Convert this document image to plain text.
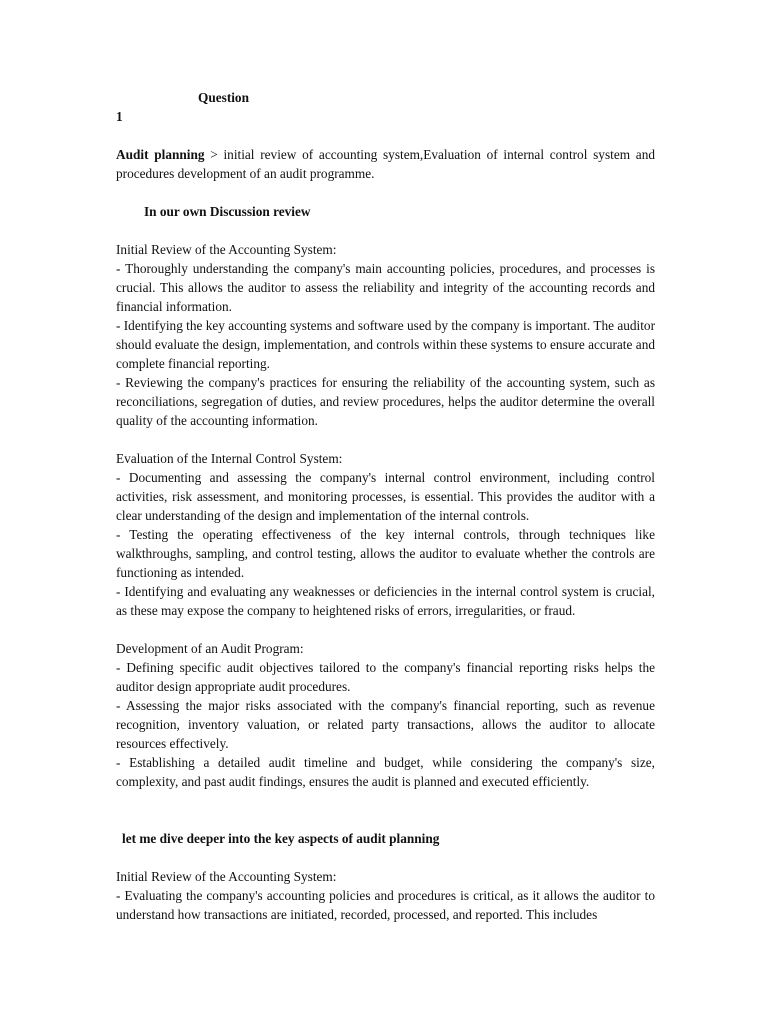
Question

1

Audit planning > initial review of accounting system,Evaluation of internal control system and procedures development of an audit programme.

In our own Discussion review

Initial Review of the Accounting System:

- Thoroughly understanding the company's main accounting policies, procedures, and processes is crucial. This allows the auditor to assess the reliability and integrity of the accounting records and financial information.

- Identifying the key accounting systems and software used by the company is important. The auditor should evaluate the design, implementation, and controls within these systems to ensure accurate and complete financial reporting.

- Reviewing the company's practices for ensuring the reliability of the accounting system, such as reconciliations, segregation of duties, and review procedures, helps the auditor determine the overall quality of the accounting information.

Evaluation of the Internal Control System:

- Documenting and assessing the company's internal control environment, including control activities, risk assessment, and monitoring processes, is essential. This provides the auditor with a clear understanding of the design and implementation of the internal controls.

- Testing the operating effectiveness of the key internal controls, through techniques like walkthroughs, sampling, and control testing, allows the auditor to evaluate whether the controls are functioning as intended.

- Identifying and evaluating any weaknesses or deficiencies in the internal control system is crucial, as these may expose the company to heightened risks of errors, irregularities, or fraud.

Development of an Audit Program:

- Defining specific audit objectives tailored to the company's financial reporting risks helps the auditor design appropriate audit procedures.

- Assessing the major risks associated with the company's financial reporting, such as revenue recognition, inventory valuation, or related party transactions, allows the auditor to allocate resources effectively.

- Establishing a detailed audit timeline and budget, while considering the company's size, complexity, and past audit findings, ensures the audit is planned and executed efficiently.

let me dive deeper into the key aspects of audit planning

Initial Review of the Accounting System:

- Evaluating the company's accounting policies and procedures is critical, as it allows the auditor to understand how transactions are initiated, recorded, processed, and reported. This includes
